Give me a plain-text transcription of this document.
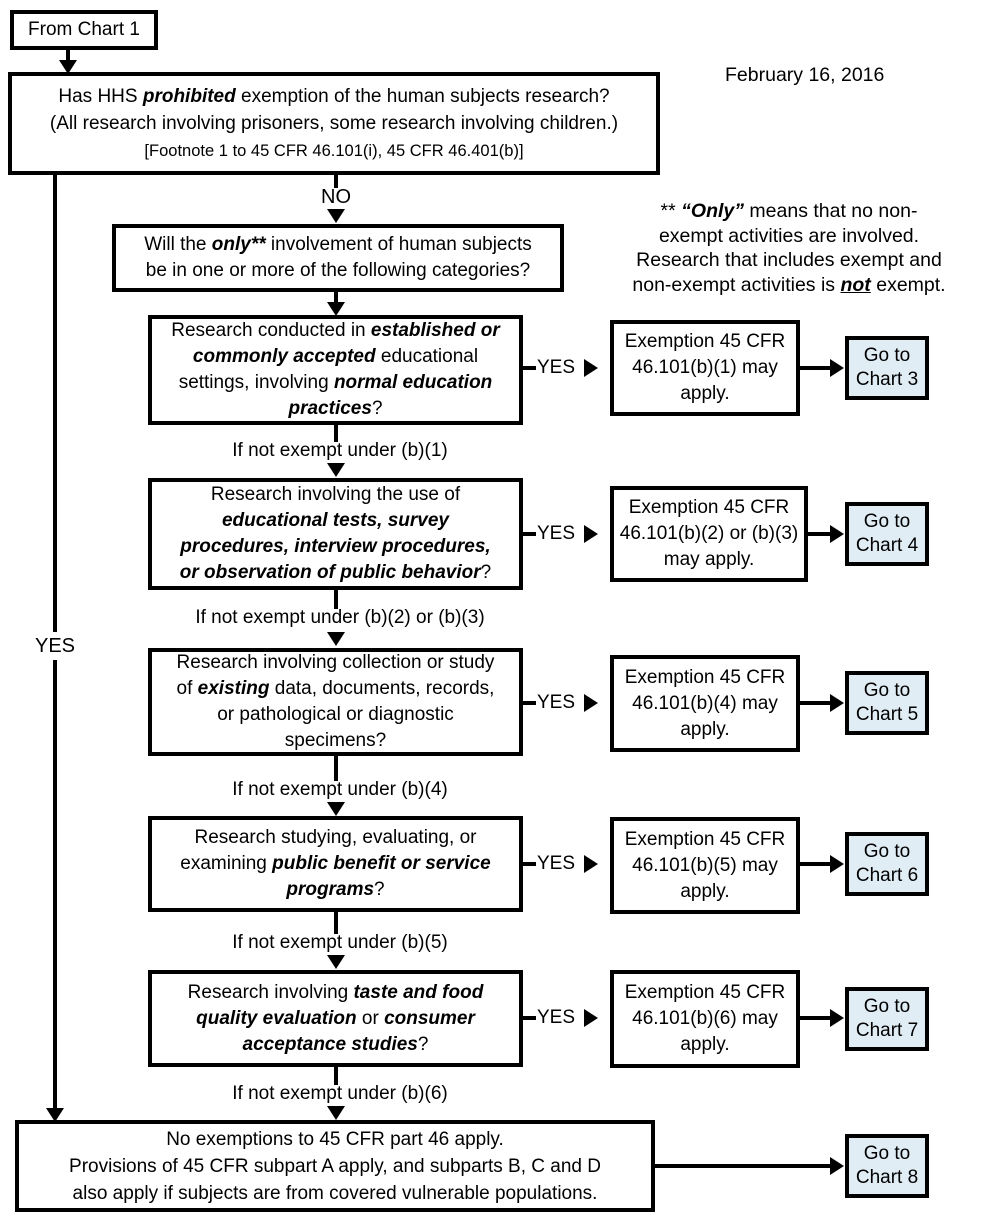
From Chart 1
February 16, 2016
Has HHS prohibited exemption of the human subjects research?
(All research involving prisoners, some research involving children.)
[Footnote 1 to 45 CFR 46.101(i), 45 CFR 46.401(b)]
NO
YES
Will the only** involvement of human subjects
be in one or more of the following categories?
** “Only” means that no non-
exempt activities are involved.
Research that includes exempt and
non-exempt activities is not exempt.
Research conducted in established or
commonly accepted educational
settings, involving normal education
practices?
YES
Exemption 45 CFR 46.101(b)(1) may apply.
Go to Chart 3
If not exempt under (b)(1)
Research involving the use of
educational tests, survey
procedures, interview procedures,
or observation of public behavior?
YES
Exemption 45 CFR 46.101(b)(2) or (b)(3) may apply.
Go to Chart 4
If not exempt under (b)(2) or (b)(3)
Research involving collection or study
of existing data, documents, records,
or pathological or diagnostic
specimens?
YES
Exemption 45 CFR 46.101(b)(4) may apply.
Go to Chart 5
If not exempt under (b)(4)
Research studying, evaluating, or
examining public benefit or service
programs?
YES
Exemption 45 CFR 46.101(b)(5) may apply.
Go to Chart 6
If not exempt under (b)(5)
Research involving taste and food
quality evaluation or consumer
acceptance studies?
YES
Exemption 45 CFR 46.101(b)(6) may apply.
Go to Chart 7
If not exempt under (b)(6)
No exemptions to 45 CFR part 46 apply.
Provisions of 45 CFR subpart A apply, and subparts B, C and D
also apply if subjects are from covered vulnerable populations.
Go to Chart 8
